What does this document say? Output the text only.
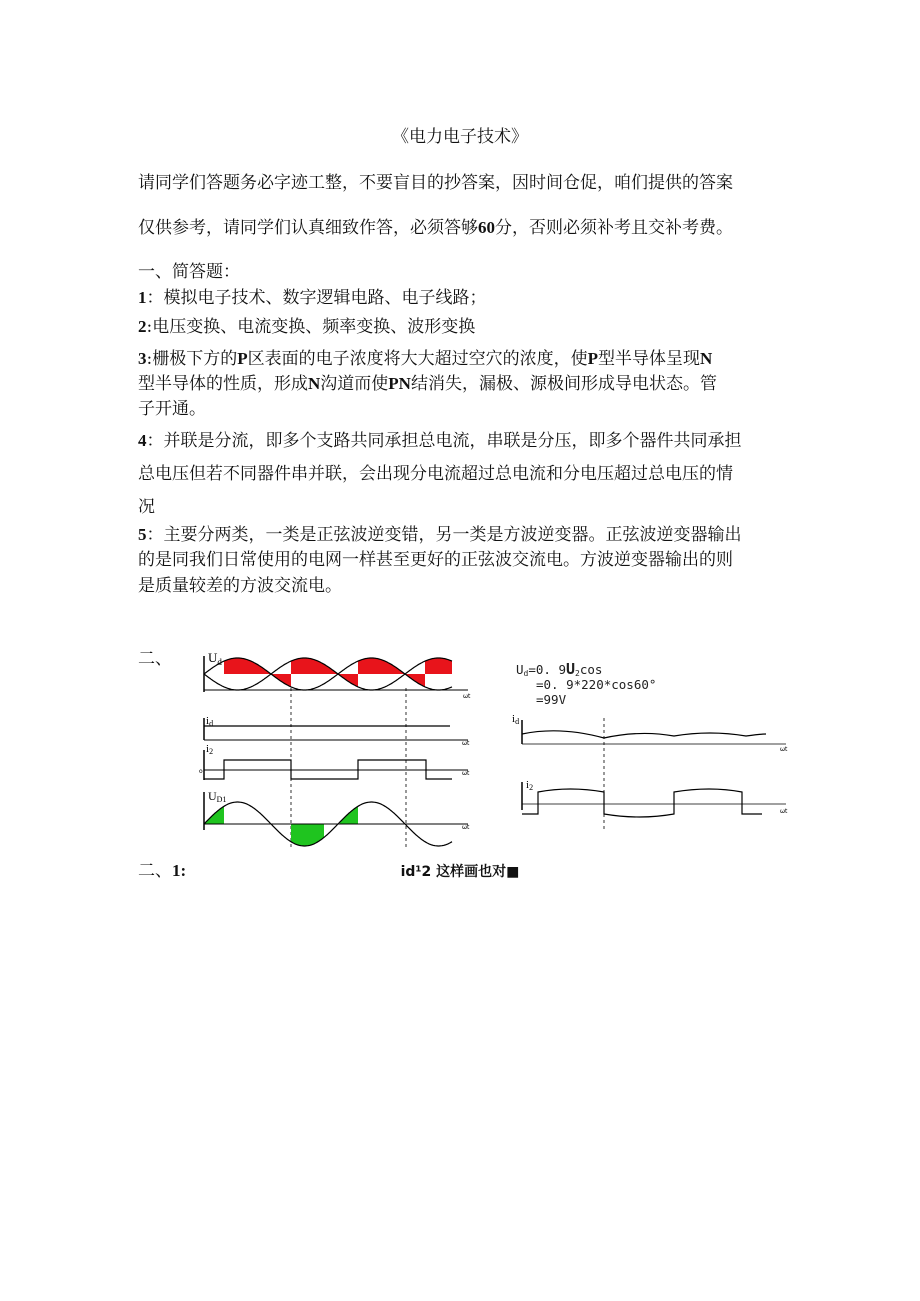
《电力电子技术》
请同学们答题务必字迹工整，不要盲目的抄答案，因时间仓促，咱们提供的答案
仅供参考，请同学们认真细致作答，必须答够60分，否则必须补考且交补考费。
一、简答题：
1：模拟电子技术、数字逻辑电路、电子线路；
2:电压变换、电流变换、频率变换、波形变换
3:栅极下方的P区表面的电子浓度将大大超过空穴的浓度，使P型半导体呈现N
型半导体的性质，形成N沟道而使PN结消失，漏极、源极间形成导电状态。管
子开通。
4：并联是分流，即多个支路共同承担总电流，串联是分压，即多个器件共同承担
总电压但若不同器件串并联，会出现分电流超过总电流和分电压超过总电压的情
况
5：主要分两类，一类是正弦波逆变错，另一类是方波逆变器。正弦波逆变器输出
的是同我们日常使用的电网一样甚至更好的正弦波交流电。方波逆变器输出的则
是质量较差的方波交流电。
二、	$U_d$
ωt
id
ωt
i2
o	ωt
UD1
ωt
Ud=0. 9U2cos
=0. 9*220*cos60°
=99V
id
ωt
i2
ωt
二、1:	id¹2 这样画也对■
